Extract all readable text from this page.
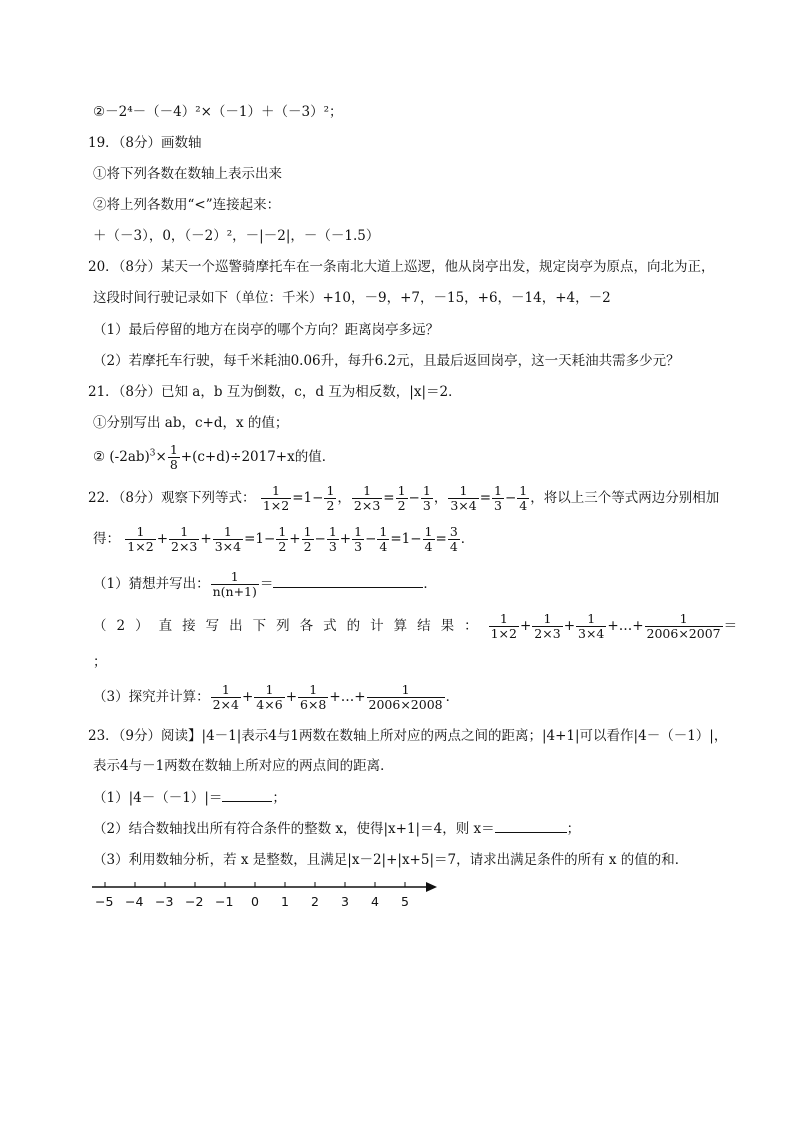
②－2⁴－（－4）²×（－1）＋（－3）²；
19．（8分）画数轴
①将下列各数在数轴上表示出来
②将上列各数用“<”连接起来：
＋（－3），0，（－2）²，－|－2|，－（－1.5）
20．（8分）某天一个巡警骑摩托车在一条南北大道上巡逻，他从岗亭出发，规定岗亭为原点，向北为正，
这段时间行驶记录如下（单位：千米）+10，－9，+7，－15，+6，－14，+4，－2
（1）最后停留的地方在岗亭的哪个方向？距离岗亭多远？
（2）若摩托车行驶，每千米耗油0.06升，每升6.2元，且最后返回岗亭，这一天耗油共需多少元？
21．（8分）已知 a，b 互为倒数，c，d 互为相反数，|x|＝2．
①分别写出 ab，c+d，x 的值；
② $(-2ab)^3\times \frac{1}{8} +(c+d)\div 2017+x$的值．
22．（8分）观察下列等式： $\frac{1}{1\times 2} =1- \frac{1}{2}$ ， $\frac{1}{2\times 3} = \frac{1}{2} - \frac{1}{3}$ ， $\frac{1}{3\times 4} = \frac{1}{3} - \frac{1}{4}$ ，将以上三个等式两边分别相加
得： $\frac{1}{1\times 2} + \frac{1}{2\times 3} + \frac{1}{3\times 4} =1- \frac{1}{2} + \frac{1}{2} - \frac{1}{3} + \frac{1}{3} - \frac{1}{4} =1- \frac{1}{4} = \frac{3}{4}$ ．
（1）猜想并写出： $\frac{1}{n(n+1)}$ ＝	．
（2）直接写出下列各式的计算结果： $\frac{1}{1\times 2} + \frac{1}{2\times 3} + \frac{1}{3\times 4}$ +…+ $\frac{1}{2006\times 2007}$ ＝
；
（3）探究并计算： $\frac{1}{2\times 4} + \frac{1}{4\times 6} + \frac{1}{6\times 8}$ +…+ $\frac{1}{2006\times 2008}$ ．
23．（9分）阅读】|4－1|表示4与1两数在数轴上所对应的两点之间的距离；|4+1|可以看作|4－（－1）|，
表示4与－1两数在数轴上所对应的两点间的距离．
（1）|4－（－1）|＝	；
（2）结合数轴找出所有符合条件的整数 x，使得|x+1|＝4，则 x＝	；
（3）利用数轴分析，若 x 是整数，且满足|x－2|+|x+5|＝7，请求出满足条件的所有 x 的值的和．
−5 −4 −3 −2 −1 0 1 2 3 4 5
